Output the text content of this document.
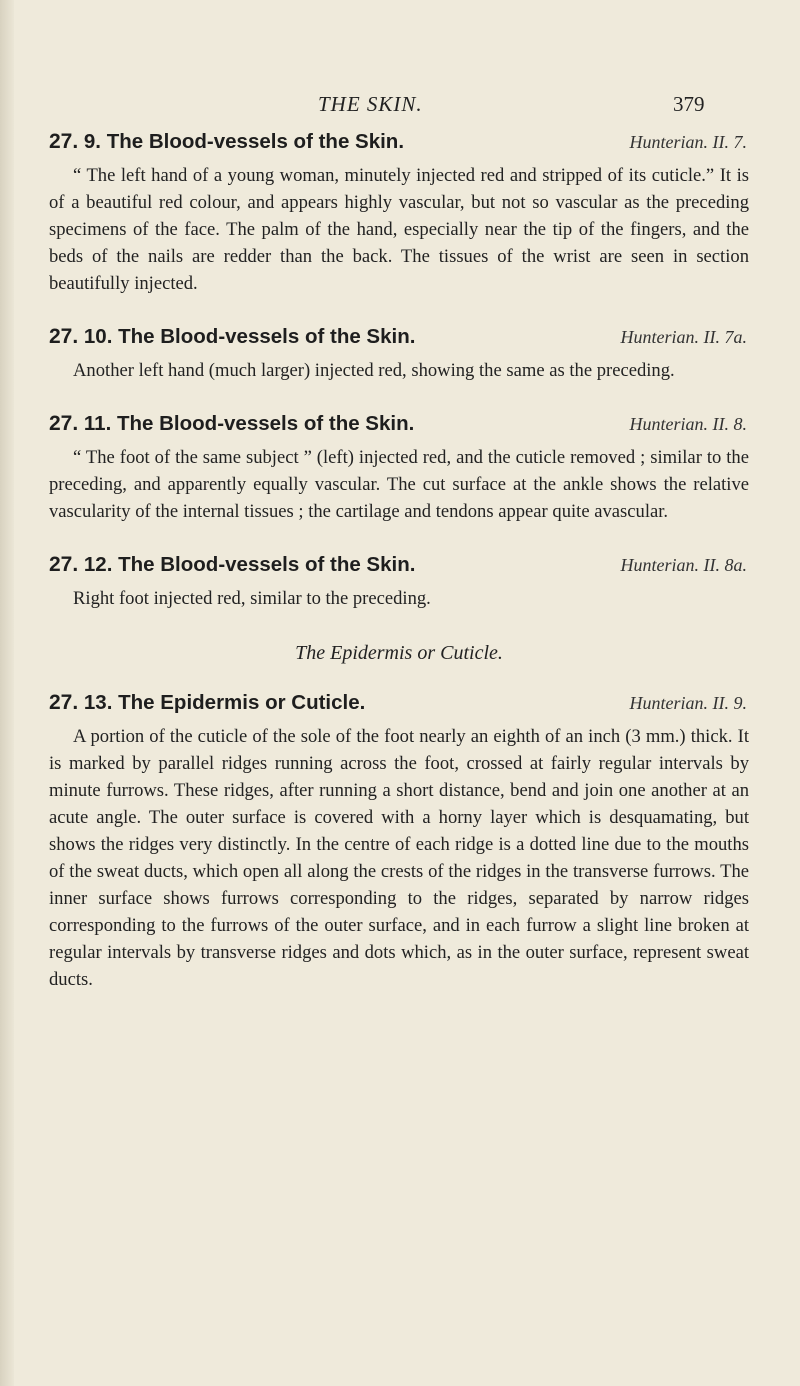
THE SKIN.	379
27. 9. The Blood-vessels of the Skin.	Hunterian. II. 7.

“ The left hand of a young woman, minutely injected red and stripped of its cuticle.” It is of a beautiful red colour, and appears highly vascular, but not so vascular as the preceding specimens of the face. The palm of the hand, especially near the tip of the fingers, and the beds of the nails are redder than the back. The tissues of the wrist are seen in section beautifully injected.

27. 10. The Blood-vessels of the Skin.	Hunterian. II. 7a.

Another left hand (much larger) injected red, showing the same as the preceding.

27. 11. The Blood-vessels of the Skin.	Hunterian. II. 8.

“ The foot of the same subject ” (left) injected red, and the cuticle removed ; similar to the preceding, and apparently equally vascular. The cut surface at the ankle shows the relative vascularity of the internal tissues ; the cartilage and tendons appear quite avascular.

27. 12. The Blood-vessels of the Skin.	Hunterian. II. 8a.

Right foot injected red, similar to the preceding.

The Epidermis or Cuticle.
27. 13. The Epidermis or Cuticle.	Hunterian. II. 9.

A portion of the cuticle of the sole of the foot nearly an eighth of an inch (3 mm.) thick. It is marked by parallel ridges running across the foot, crossed at fairly regular intervals by minute furrows. These ridges, after running a short distance, bend and join one another at an acute angle. The outer surface is covered with a horny layer which is desquamating, but shows the ridges very distinctly. In the centre of each ridge is a dotted line due to the mouths of the sweat ducts, which open all along the crests of the ridges in the transverse furrows. The inner surface shows furrows corresponding to the ridges, separated by narrow ridges corresponding to the furrows of the outer surface, and in each furrow a slight line broken at regular intervals by transverse ridges and dots which, as in the outer surface, represent sweat ducts.
